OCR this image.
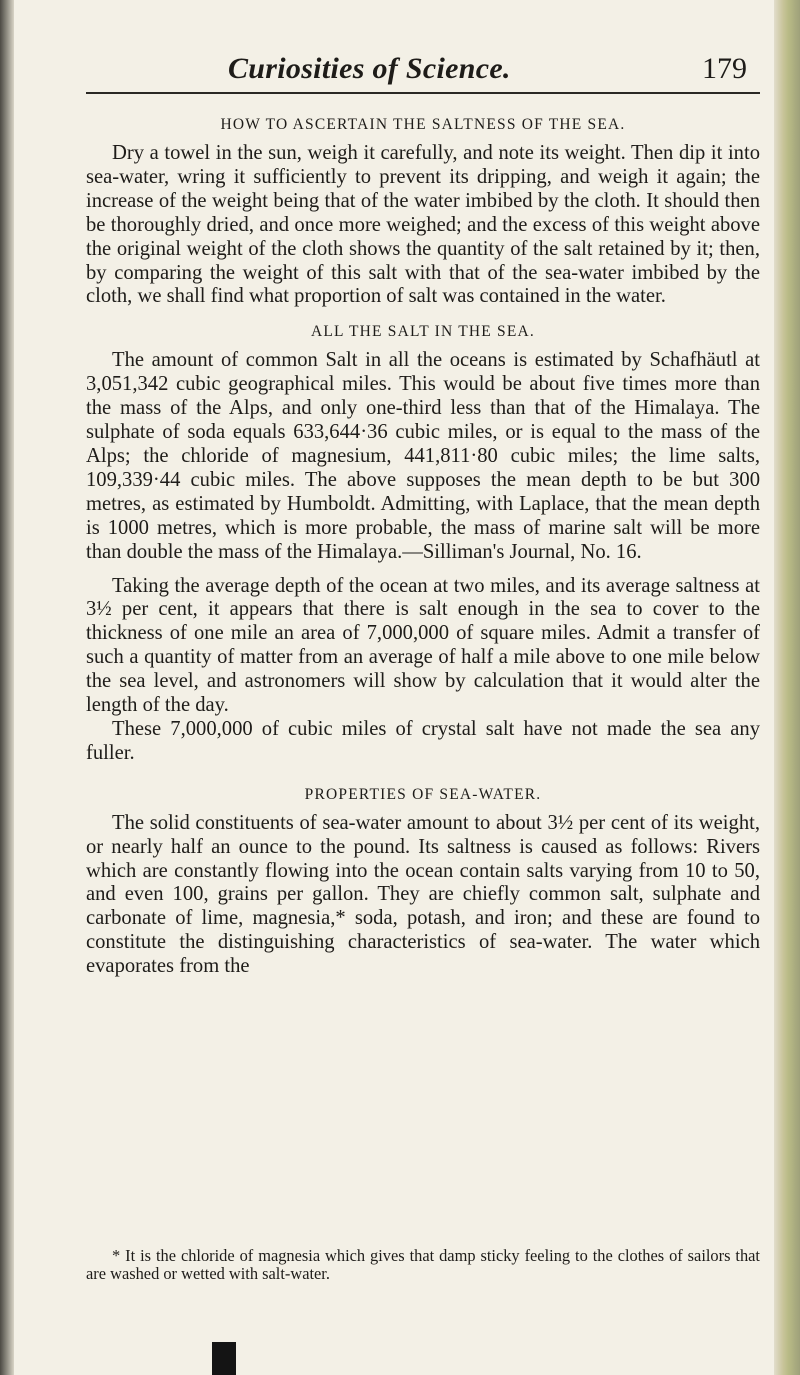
Curiosities of Science.	179
HOW TO ASCERTAIN THE SALTNESS OF THE SEA.

Dry a towel in the sun, weigh it carefully, and note its weight. Then dip it into sea-water, wring it sufficiently to prevent its dripping, and weigh it again; the increase of the weight being that of the water imbibed by the cloth. It should then be thoroughly dried, and once more weighed; and the excess of this weight above the original weight of the cloth shows the quantity of the salt retained by it; then, by comparing the weight of this salt with that of the sea-water imbibed by the cloth, we shall find what proportion of salt was contained in the water.

ALL THE SALT IN THE SEA.

The amount of common Salt in all the oceans is estimated by Schafhäutl at 3,051,342 cubic geographical miles. This would be about five times more than the mass of the Alps, and only one-third less than that of the Himalaya. The sulphate of soda equals 633,644·36 cubic miles, or is equal to the mass of the Alps; the chloride of magnesium, 441,811·80 cubic miles; the lime salts, 109,339·44 cubic miles. The above supposes the mean depth to be but 300 metres, as estimated by Humboldt. Admitting, with Laplace, that the mean depth is 1000 metres, which is more probable, the mass of marine salt will be more than double the mass of the Himalaya.—Silliman's Journal, No. 16.

Taking the average depth of the ocean at two miles, and its average saltness at 3½ per cent, it appears that there is salt enough in the sea to cover to the thickness of one mile an area of 7,000,000 of square miles. Admit a transfer of such a quantity of matter from an average of half a mile above to one mile below the sea level, and astronomers will show by calculation that it would alter the length of the day.

These 7,000,000 of cubic miles of crystal salt have not made the sea any fuller.

PROPERTIES OF SEA-WATER.

The solid constituents of sea-water amount to about 3½ per cent of its weight, or nearly half an ounce to the pound. Its saltness is caused as follows: Rivers which are constantly flowing into the ocean contain salts varying from 10 to 50, and even 100, grains per gallon. They are chiefly common salt, sulphate and carbonate of lime, magnesia,* soda, potash, and iron; and these are found to constitute the distinguishing characteristics of sea-water. The water which evaporates from the

* It is the chloride of magnesia which gives that damp sticky feeling to the clothes of sailors that are washed or wetted with salt-water.
